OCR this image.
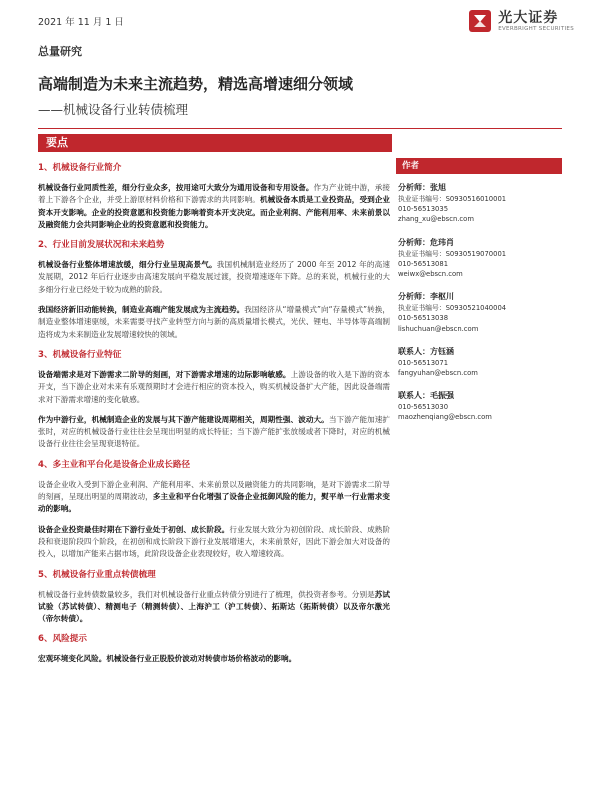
2021 年 11 月 1 日	光大证券
EVERBRIGHT SECURITIES
总量研究
高端制造为未来主流趋势，精选高增速细分领域
——机械设备行业转债梳理
要点
1、机械设备行业简介
机械设备行业同质性差，细分行业众多，按用途可大致分为通用设备和专用设备。作为产业链中游，承接着上下游各个企业，并受上游原材料价格和下游需求的共同影响。机械设备本质是工业投资品，受到企业资本开支影响。企业的投资意愿和投资能力影响着资本开支决定。而企业利润、产能利用率、未来前景以及融资能力会共同影响企业的投资意愿和投资能力。
2、行业目前发展状况和未来趋势
机械设备行业整体增速放缓，细分行业呈现高景气。我国机械制造业经历了 2000 年至 2012 年的高速发展期，2012 年后行业逐步由高速发展向平稳发展过渡，投资增速逐年下降。总的来说，机械行业的大多细分行业已经处于较为成熟的阶段。
我国经济新旧动能转换，制造业高端产能发展成为主流趋势。我国经济从“增量模式”向“存量模式”转换，制造业整体增速驱缓，未来需要寻找产业转型方向与新的高质量增长模式，光伏、锂电、半导体等高端制造将成为未来制造业发展增速较快的领域。
3、机械设备行业特征
设备端需求是对下游需求二阶导的刻画，对下游需求增速的边际影响敏感。上游设备的收入是下游的资本开支，当下游企业对未来有乐观预期时才会进行相应的资本投入，购买机械设备扩大产能，因此设备端需求对下游需求增速的变化敏感。
作为中游行业，机械制造企业的发展与其下游产能建设周期相关，周期性强、波动大。当下游产能加速扩张时，对应的机械设备行业往往会呈现出明显的成长特征；当下游产能扩张放缓或者下降时，对应的机械设备行业往往会呈现衰退特征。
4、多主业和平台化是设备企业成长路径
设备企业收入受到下游企业利润、产能利用率、未来前景以及融资能力的共同影响，是对下游需求二阶导的刻画，呈现出明显的周期波动，多主业和平台化增强了设备企业抵御风险的能力，熨平单一行业需求变动的影响。
设备企业投资最佳时期在下游行业处于初创、成长阶段。行业发展大致分为初创阶段、成长阶段、成熟阶段和衰退阶段四个阶段，在初创和成长阶段下游行业发展增速大，未来前景好，因此下游会加大对设备的投入，以增加产能来占据市场，此阶段设备企业表现较好，收入增速较高。
5、机械设备行业重点转债梳理
机械设备行业转债数量较多，我们对机械设备行业重点转债分别进行了梳理，供投资者参考。分别是苏试试验（苏试转债）、精测电子（精测转债）、上海沪工（沪工转债）、拓斯达（拓斯转债）以及帝尔激光（帝尔转债）。
6、风险提示
宏观环境变化风险。机械设备行业正股股价波动对转债市场价格波动的影响。
作者
分析师：张旭
执业证书编号：S0930516010001
010-56513035
zhang_xu@ebscn.com
分析师：危玮肖
执业证书编号：S0930519070001
010-56513081
weiwx@ebscn.com
分析师：李枢川
执业证书编号：S0930521040004
010-56513038
lishuchuan@ebscn.com
联系人：方钰涵
010-56513071
fangyuhan@ebscn.com
联系人：毛振强
010-56513030
maozhenqiang@ebscn.com
